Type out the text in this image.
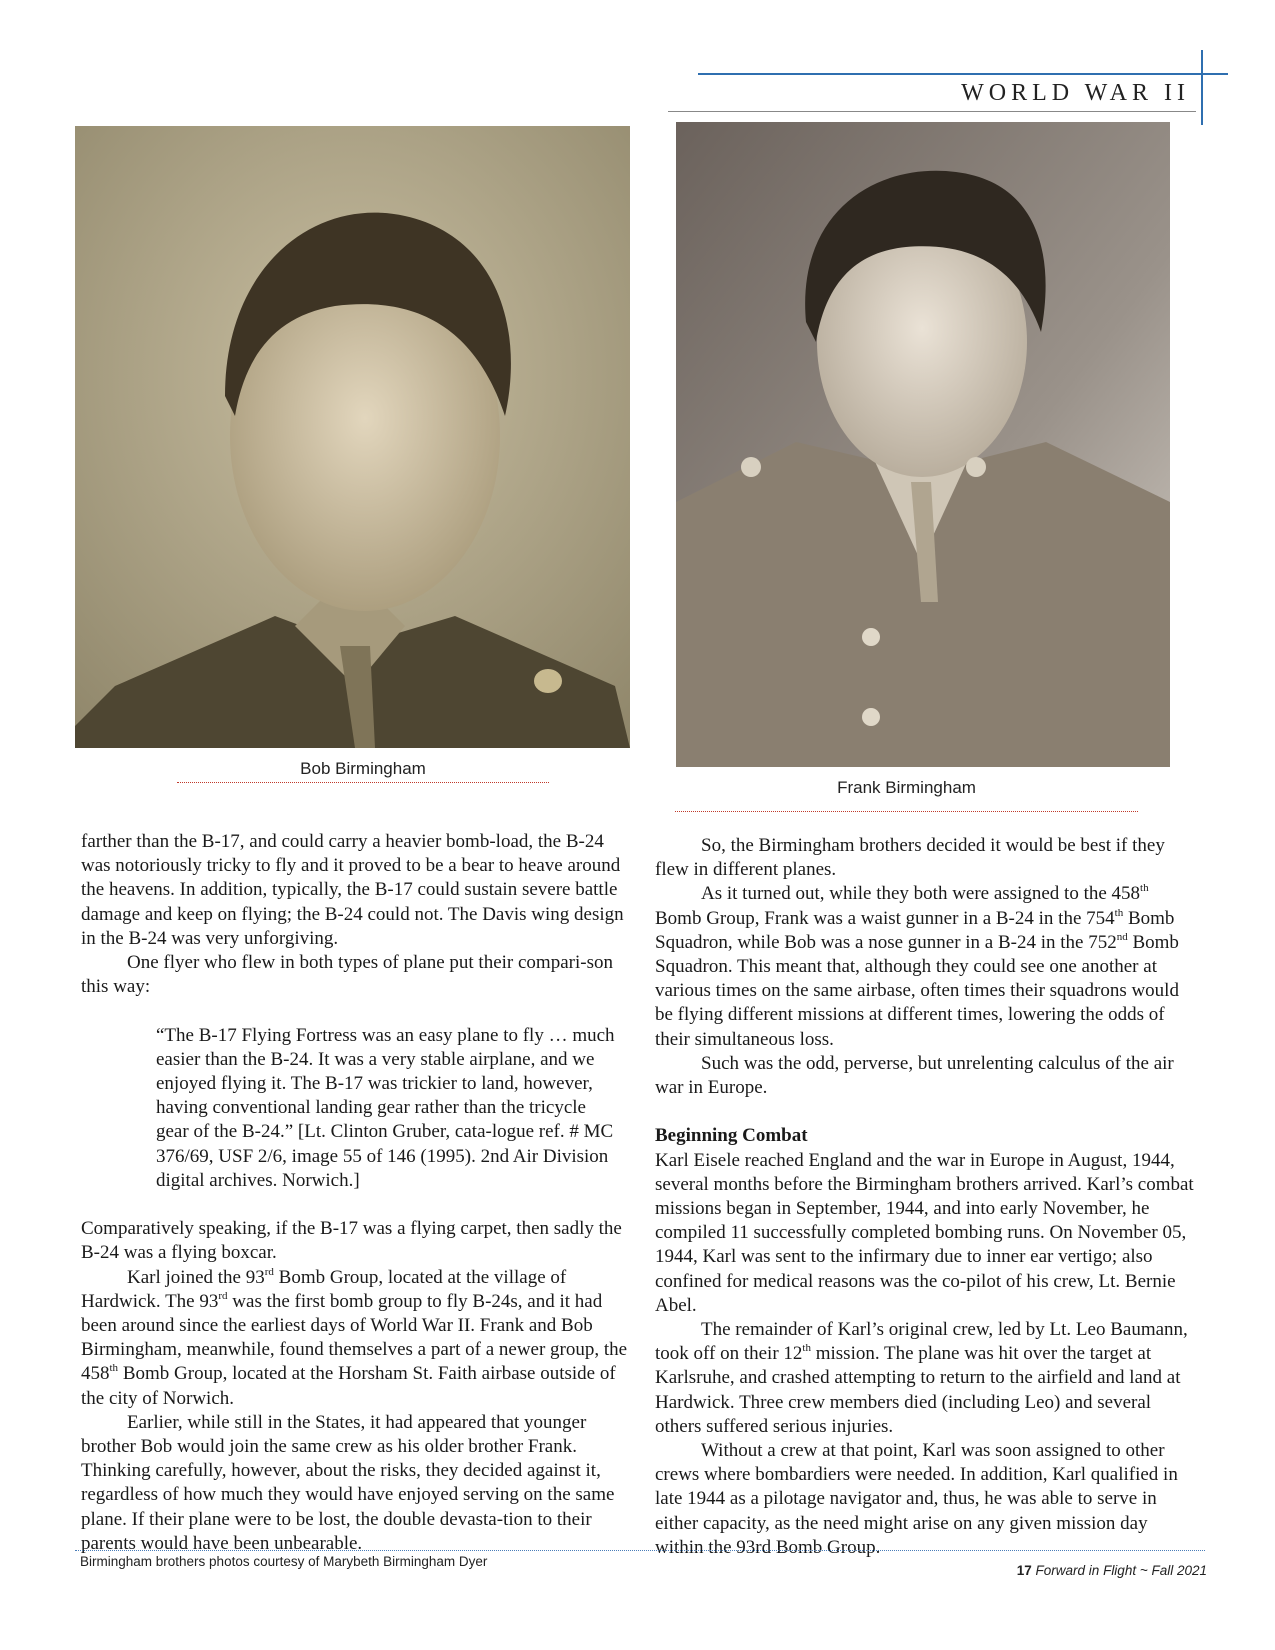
WORLD WAR II
Bob Birmingham
Frank Birmingham

farther than the B-17, and could carry a heavier bomb-load, the B-24 was notoriously tricky to fly and it proved to be a bear to heave around the heavens. In addition, typically, the B-17 could sustain severe battle damage and keep on flying; the B-24 could not. The Davis wing design in the B-24 was very unforgiving.

One flyer who flew in both types of plane put their compari-son this way:

“The B-17 Flying Fortress was an easy plane to fly … much easier than the B-24. It was a very stable airplane, and we enjoyed flying it. The B-17 was trickier to land, however, having conventional landing gear rather than the tricycle gear of the B-24.” [Lt. Clinton Gruber, cata-logue ref. # MC 376/69, USF 2/6, image 55 of 146 (1995). 2nd Air Division digital archives. Norwich.]

Comparatively speaking, if the B-17 was a flying carpet, then sadly the B-24 was a flying boxcar.

Karl joined the 93rd Bomb Group, located at the village of Hardwick. The 93rd was the first bomb group to fly B-24s, and it had been around since the earliest days of World War II. Frank and Bob Birmingham, meanwhile, found themselves a part of a newer group, the 458th Bomb Group, located at the Horsham St. Faith airbase outside of the city of Norwich.

Earlier, while still in the States, it had appeared that younger brother Bob would join the same crew as his older brother Frank. Thinking carefully, however, about the risks, they decided against it, regardless of how much they would have enjoyed serving on the same plane. If their plane were to be lost, the double devasta-tion to their parents would have been unbearable.

So, the Birmingham brothers decided it would be best if they flew in different planes.

As it turned out, while they both were assigned to the 458th Bomb Group, Frank was a waist gunner in a B-24 in the 754th Bomb Squadron, while Bob was a nose gunner in a B-24 in the 752nd Bomb Squadron. This meant that, although they could see one another at various times on the same airbase, often times their squadrons would be flying different missions at different times, lowering the odds of their simultaneous loss.

Such was the odd, perverse, but unrelenting calculus of the air war in Europe.

Beginning Combat

Karl Eisele reached England and the war in Europe in August, 1944, several months before the Birmingham brothers arrived. Karl’s combat missions began in September, 1944, and into early November, he compiled 11 successfully completed bombing runs. On November 05, 1944, Karl was sent to the infirmary due to inner ear vertigo; also confined for medical reasons was the co-pilot of his crew, Lt. Bernie Abel.

The remainder of Karl’s original crew, led by Lt. Leo Baumann, took off on their 12th mission. The plane was hit over the target at Karlsruhe, and crashed attempting to return to the airfield and land at Hardwick. Three crew members died (including Leo) and several others suffered serious injuries.

Without a crew at that point, Karl was soon assigned to other crews where bombardiers were needed. In addition, Karl qualified in late 1944 as a pilotage navigator and, thus, he was able to serve in either capacity, as the need might arise on any given mission day within the 93rd Bomb Group.

Birmingham brothers photos courtesy of Marybeth Birmingham Dyer
17 Forward in Flight ~ Fall 2021
